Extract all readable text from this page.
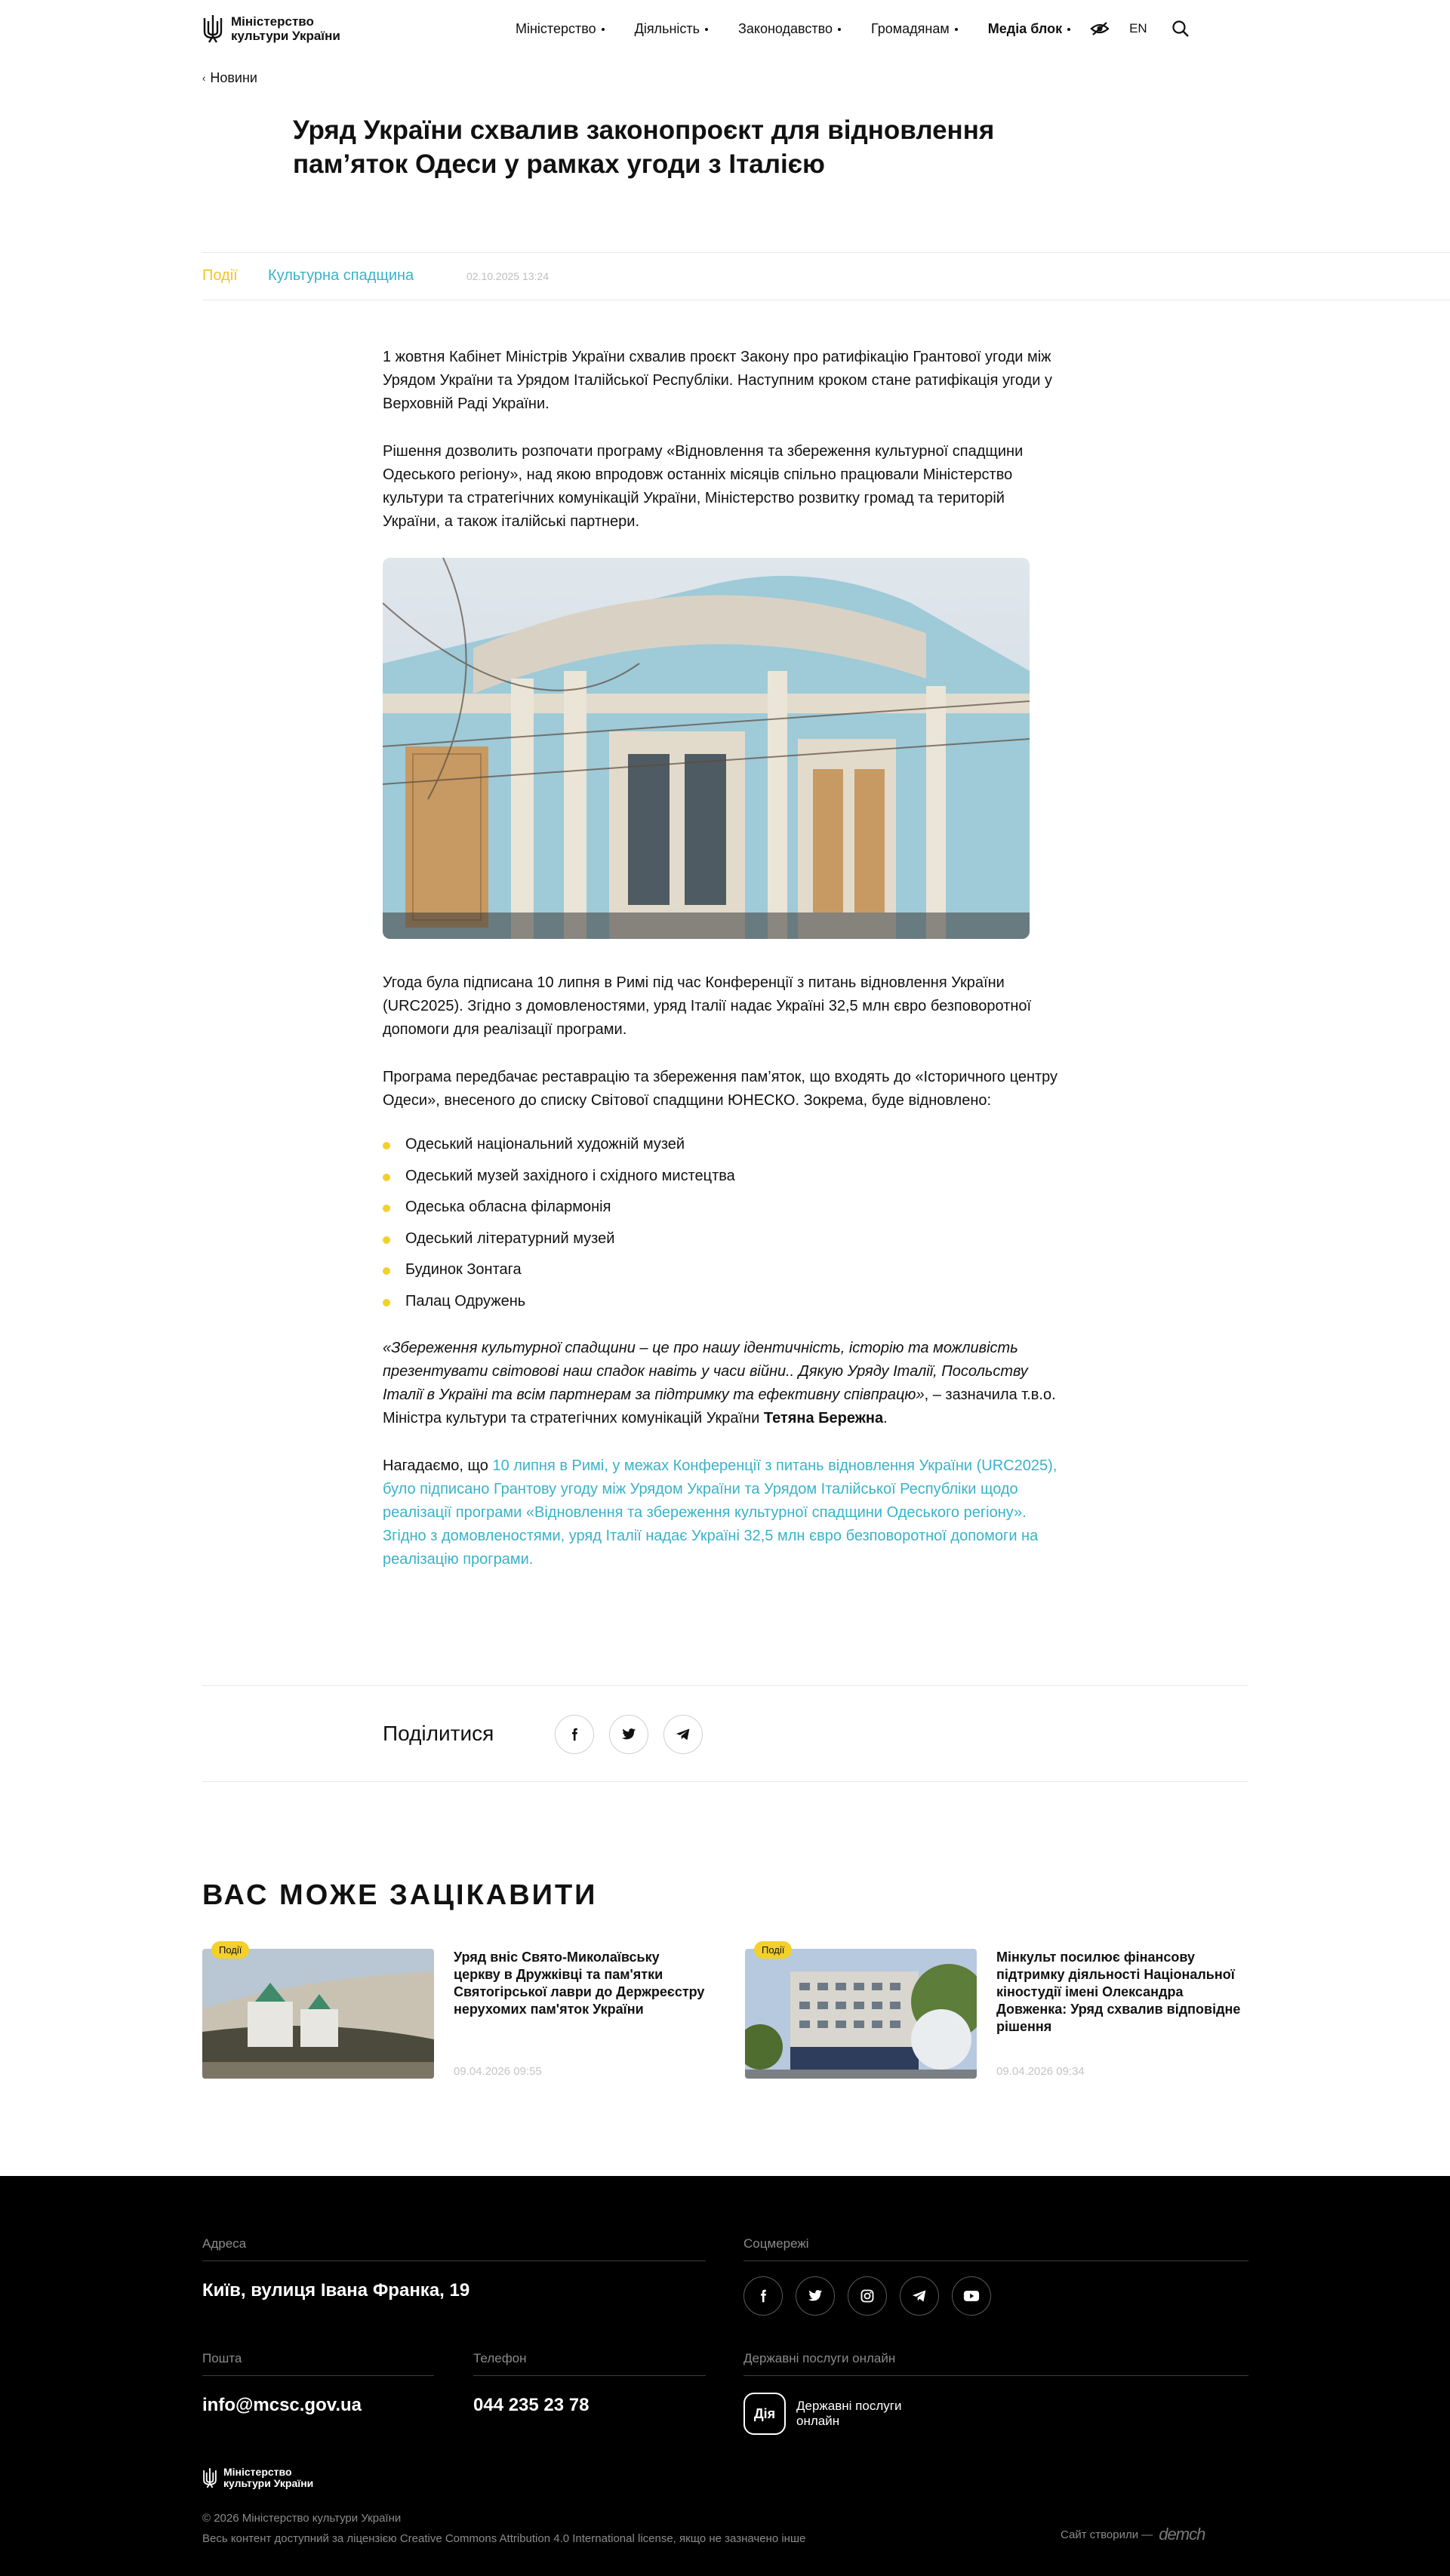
Міністерство
культури України	Міністерство	Діяльність	Законодавство	Громадянам	Медіа блок	EN
‹ Новини
Уряд України схвалив законопроєкт для відновлення пам’яток Одеси у рамках угоди з Італією
Події Культурна спадщина	02.10.2025 13:24

1 жовтня Кабінет Міністрів України схвалив проєкт Закону про ратифікацію Грантової угоди між Урядом України та Урядом Італійської Республіки. Наступним кроком стане ратифікація угоди у Верховній Раді України.

Рішення дозволить розпочати програму «Відновлення та збереження культурної спадщини Одеського регіону», над якою впродовж останніх місяців спільно працювали Міністерство культури та стратегічних комунікацій України, Міністерство розвитку громад та територій України, а також італійські партнери.

Угода була підписана 10 липня в Римі під час Конференції з питань відновлення України (URC2025). Згідно з домовленостями, уряд Італії надає Україні 32,5 млн євро безповоротної допомоги для реалізації програми.

Програма передбачає реставрацію та збереження пам’яток, що входять до «Історичного центру Одеси», внесеного до списку Світової спадщини ЮНЕСКО. Зокрема, буде відновлено:

Одеський національний художній музей
Одеський музей західного і східного мистецтва
Одеська обласна філармонія
Одеський літературний музей
Будинок Зонтага
Палац Одружень

«Збереження культурної спадщини – це про нашу ідентичність, історію та можливість презентувати світовові наш спадок навіть у часи війни.. Дякую Уряду Італії, Посольству Італії в Україні та всім партнерам за підтримку та ефективну співпрацю», – зазначила т.в.о. Міністра культури та стратегічних комунікацій України Тетяна Бережна.

Нагадаємо, що 10 липня в Римі, у межах Конференції з питань відновлення України (URC2025), було підписано Грантову угоду між Урядом України та Урядом Італійської Республіки щодо реалізації програми «Відновлення та збереження культурної спадщини Одеського регіону». Згідно з домовленостями, уряд Італії надає Україні 32,5 млн євро безповоротної допомоги на реалізацію програми.

Поділитися
ВАС МОЖЕ ЗАЦІКАВИТИ
Події	Уряд вніс Свято-Миколаївську церкву в Дружківці та пам'ятки Святогірської лаври до Держреєстру нерухомих пам'яток України
09.04.2026 09:55
Події	Мінкульт посилює фінансову підтримку діяльності Національної кіностудії імені Олександра Довженка: Уряд схвалив відповідне рішення
09.04.2026 09:34
Адреса
Київ, вулиця Івана Франка, 19
Соцмережі
Пошта
info@mcsc.gov.ua
Телефон
044 235 23 78
Державні послуги онлайн
Дія	Державні послуги онлайн
Міністерство
культури України
© 2026 Міністерство культури України
Весь контент доступний за ліцензією Creative Commons Attribution 4.0 International license, якщо не зазначено інше	Сайт створили — demch
